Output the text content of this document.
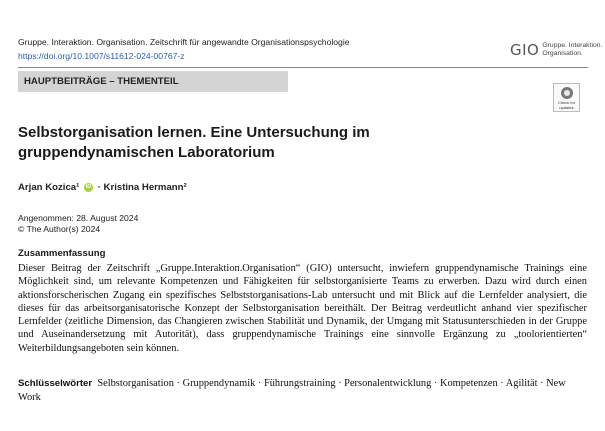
Gruppe. Interaktion. Organisation. Zeitschrift für angewandte Organisationspsychologie
https://doi.org/10.1007/s11612-024-00767-z	GIO Gruppe. Interaktion.
Organisation.
HAUPTBEITRÄGE – THEMENTEIL
Check for
updates
Selbstorganisation lernen. Eine Untersuchung im gruppendynamischen Laboratorium
Arjan Kozica¹ iD · Kristina Hermann²
Angenommen: 28. August 2024
© The Author(s) 2024
Zusammenfassung
Dieser Beitrag der Zeitschrift „Gruppe.Interaktion.Organisation“ (GIO) untersucht, inwiefern gruppendynamische Trainings eine Möglichkeit sind, um relevante Kompetenzen und Fähigkeiten für selbstorganisierte Teams zu erwerben. Dazu wird durch einen aktionsforscherischen Zugang ein spezifisches Selbststorganisations-Lab untersucht und mit Blick auf die Lernfelder analysiert, die dieses für das arbeitsorganisatorische Konzept der Selbstorganisation bereithält. Der Beitrag verdeutlicht anhand vier spezifischer Lernfelder (zeitliche Dimension, das Changieren zwischen Stabilität und Dynamik, der Umgang mit Statusunterschieden in der Gruppe und Auseinandersetzung mit Autorität), dass gruppendynamische Trainings eine sinnvolle Ergänzung zu „toolorientierten“ Weiterbildungsangeboten sein können.
Schlüsselwörter Selbstorganisation · Gruppendynamik · Führungstraining · Personalentwicklung · Kompetenzen · Agilität · New Work
